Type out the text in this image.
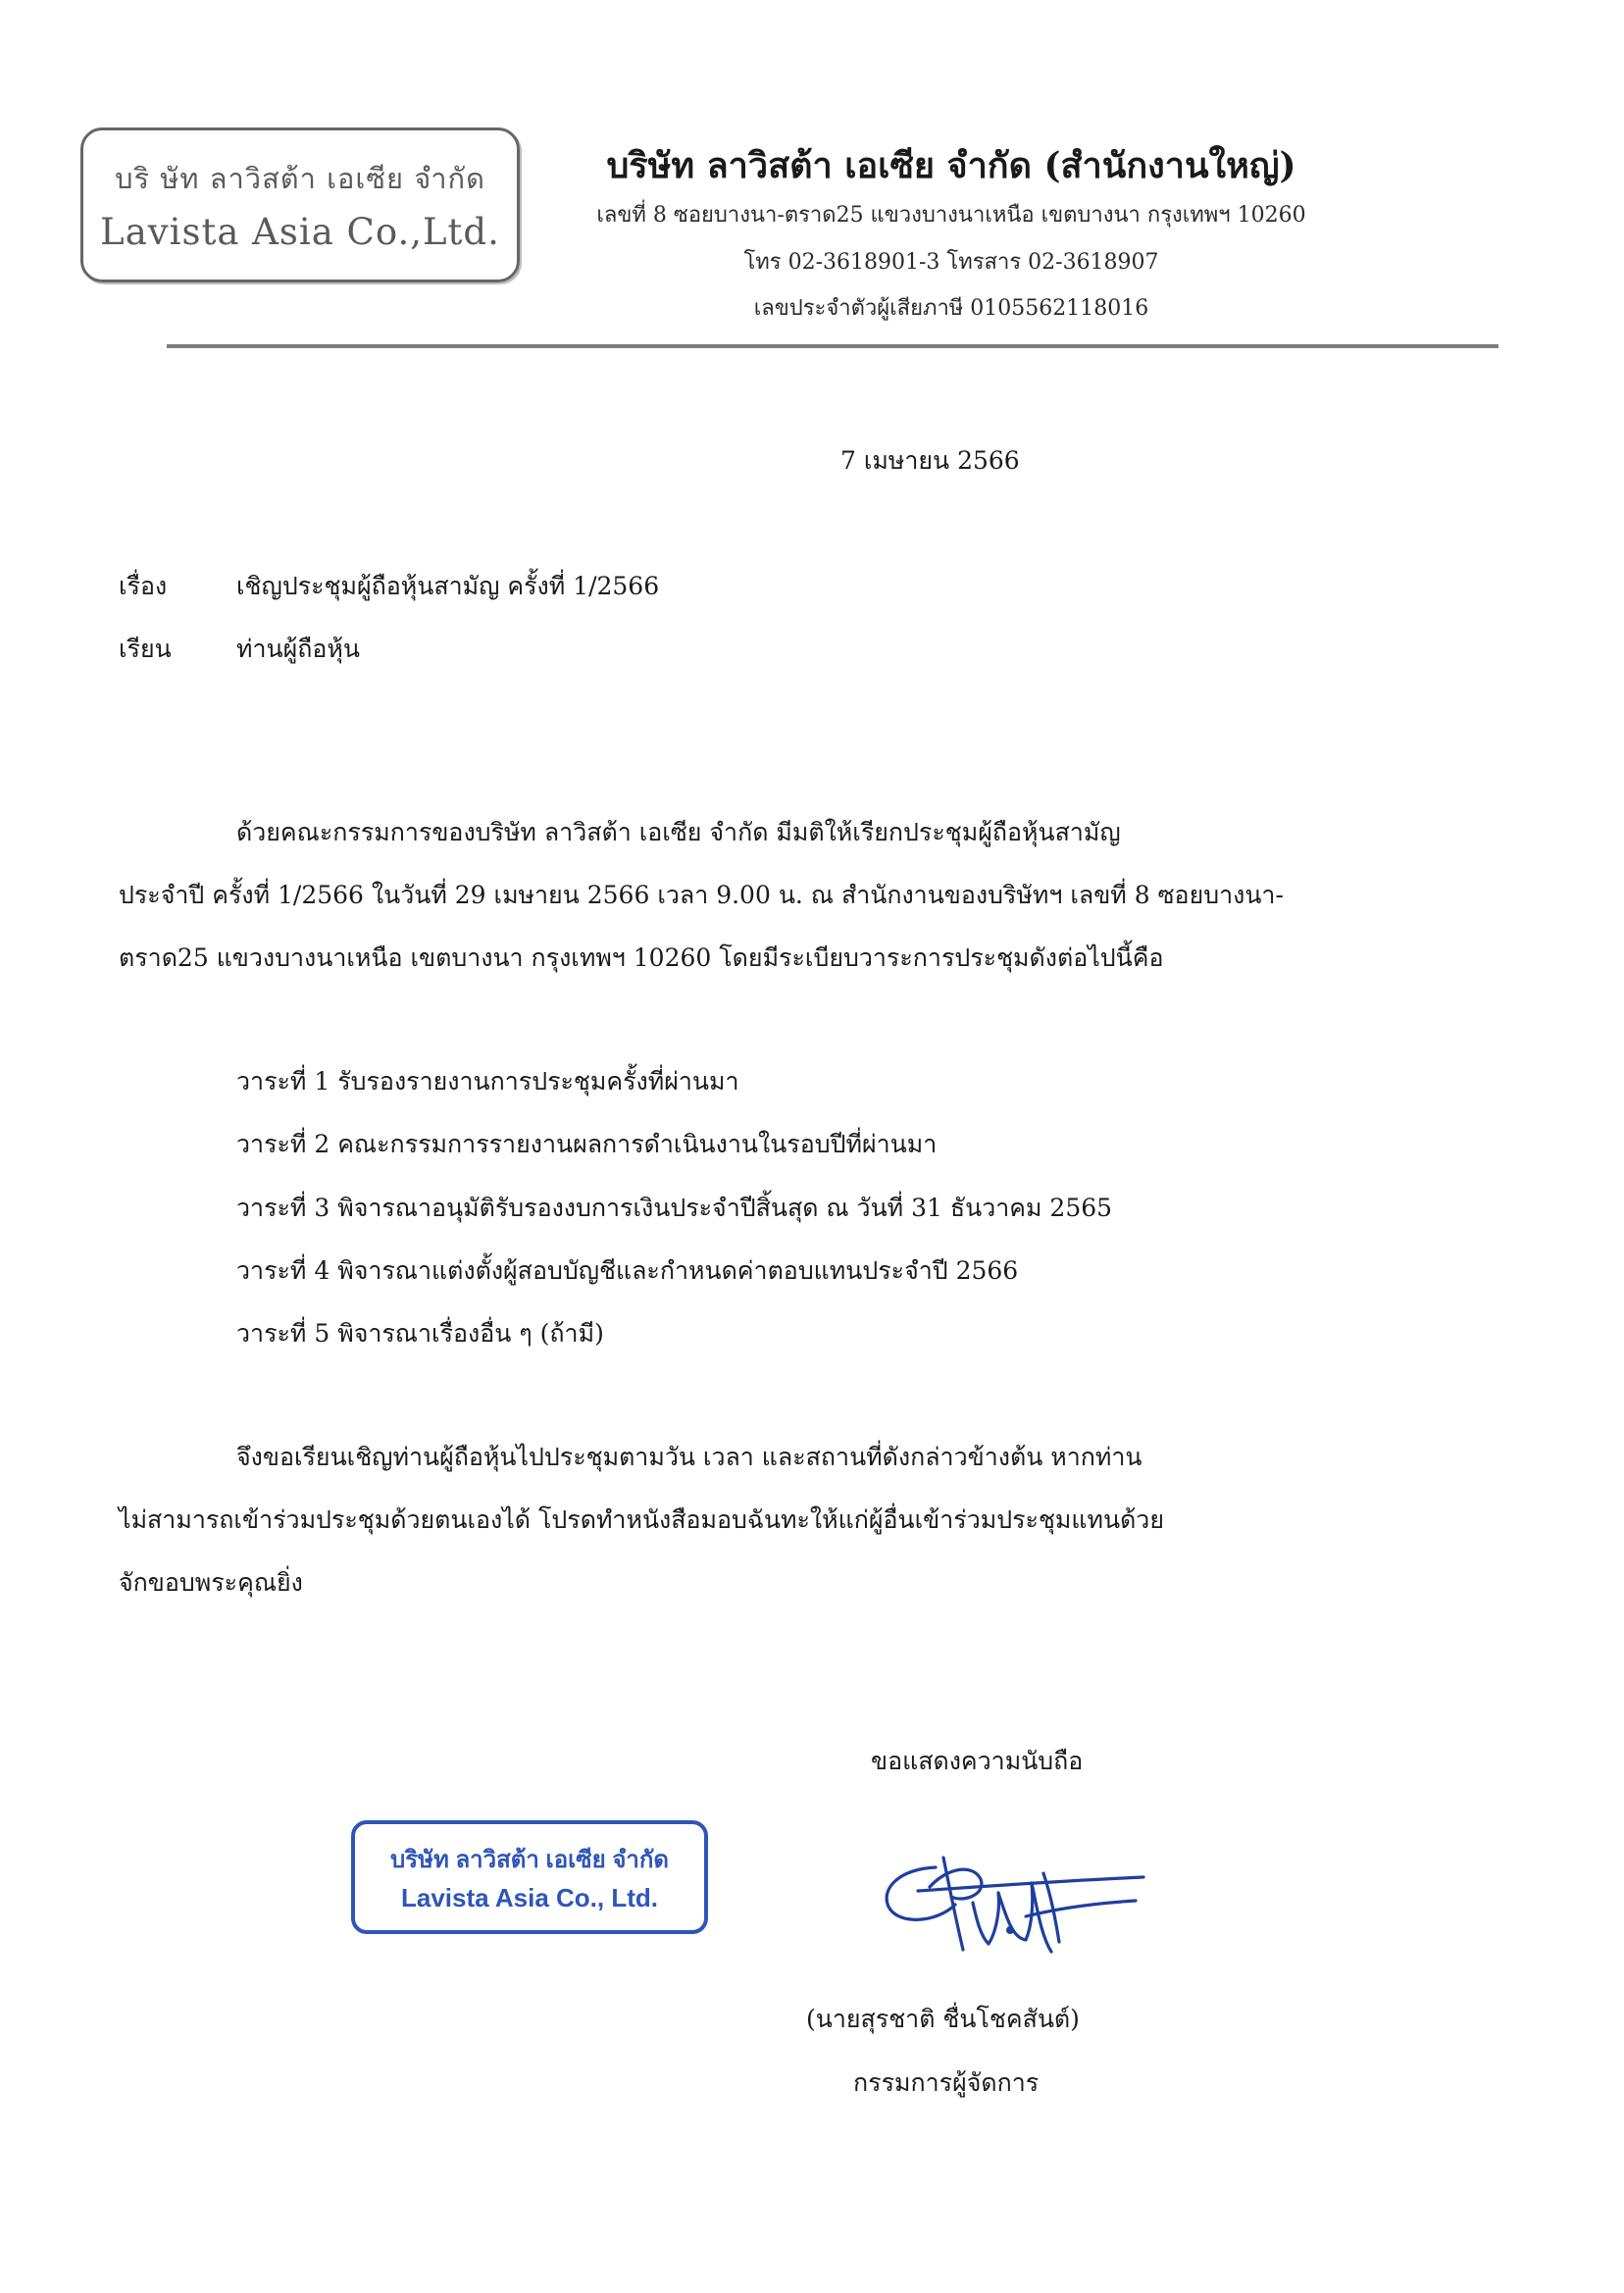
บริ ษัท ลาวิสต้า เอเซีย จำกัด
Lavista Asia Co.,Ltd.
บริษัท ลาวิสต้า เอเซีย จำกัด (สำนักงานใหญ่)
เลขที่ 8 ซอยบางนา-ตราด25 แขวงบางนาเหนือ เขตบางนา กรุงเทพฯ 10260
โทร 02-3618901-3 โทรสาร 02-3618907
เลขประจำตัวผู้เสียภาษี 0105562118016
7 เมษายน 2566
เรื่อง	เชิญประชุมผู้ถือหุ้นสามัญ ครั้งที่ 1/2566
เรียน	ท่านผู้ถือหุ้น
ด้วยคณะกรรมการของบริษัท ลาวิสต้า เอเซีย จำกัด มีมติให้เรียกประชุมผู้ถือหุ้นสามัญ
ประจำปี ครั้งที่ 1/2566 ในวันที่ 29 เมษายน 2566 เวลา 9.00 น. ณ สำนักงานของบริษัทฯ เลขที่ 8 ซอยบางนา-
ตราด25 แขวงบางนาเหนือ เขตบางนา กรุงเทพฯ 10260 โดยมีระเบียบวาระการประชุมดังต่อไปนี้คือ
วาระที่ 1 รับรองรายงานการประชุมครั้งที่ผ่านมา
วาระที่ 2 คณะกรรมการรายงานผลการดำเนินงานในรอบปีที่ผ่านมา
วาระที่ 3 พิจารณาอนุมัติรับรองงบการเงินประจำปีสิ้นสุด ณ วันที่ 31 ธันวาคม 2565
วาระที่ 4 พิจารณาแต่งตั้งผู้สอบบัญชีและกำหนดค่าตอบแทนประจำปี 2566
วาระที่ 5 พิจารณาเรื่องอื่น ๆ (ถ้ามี)
จึงขอเรียนเชิญท่านผู้ถือหุ้นไปประชุมตามวัน เวลา และสถานที่ดังกล่าวข้างต้น หากท่าน
ไม่สามารถเข้าร่วมประชุมด้วยตนเองได้ โปรดทำหนังสือมอบฉันทะให้แก่ผู้อื่นเข้าร่วมประชุมแทนด้วย
จักขอบพระคุณยิ่ง
ขอแสดงความนับถือ
บริษัท ลาวิสต้า เอเซีย จำกัด
Lavista Asia Co., Ltd.
(นายสุรชาติ ชื่นโชคสันต์)
กรรมการผู้จัดการ
